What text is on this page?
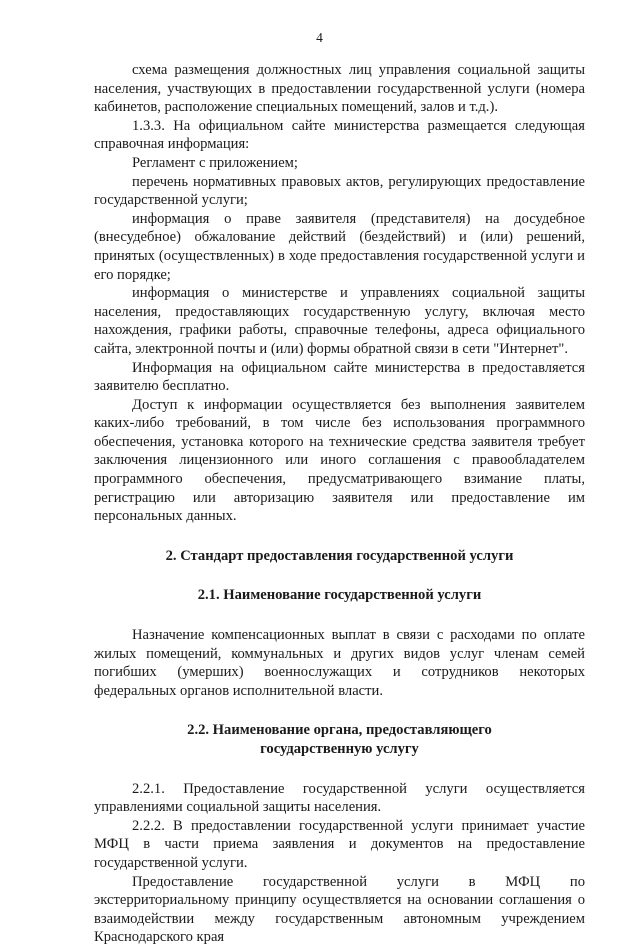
4

схема размещения должностных лиц управления социальной защиты населения, участвующих в предоставлении государственной услуги (номера кабинетов, расположение специальных помещений, залов и т.д.).

1.3.3. На официальном сайте министерства размещается следующая справочная информация:

Регламент с приложением;

перечень нормативных правовых актов, регулирующих предоставление государственной услуги;

информация о праве заявителя (представителя) на досудебное (внесудебное) обжалование действий (бездействий) и (или) решений, принятых (осуществленных) в ходе предоставления государственной услуги и его порядке;

информация о министерстве и управлениях социальной защиты населения, предоставляющих государственную услугу, включая место нахождения, графики работы, справочные телефоны, адреса официального сайта, электронной почты и (или) формы обратной связи в сети "Интернет".

Информация на официальном сайте министерства в предоставляется заявителю бесплатно.

Доступ к информации осуществляется без выполнения заявителем каких-либо требований, в том числе без использования программного обеспечения, установка которого на технические средства заявителя требует заключения лицензионного или иного соглашения с правообладателем программного обеспечения, предусматривающего взимание платы, регистрацию или авторизацию заявителя или предоставление им персональных данных.

2. Стандарт предоставления государственной услуги

2.1. Наименование государственной услуги

Назначение компенсационных выплат в связи с расходами по оплате жилых помещений, коммунальных и других видов услуг членам семей погибших (умерших) военнослужащих и сотрудников некоторых федеральных органов исполнительной власти.

2.2. Наименование органа, предоставляющего
государственную услугу

2.2.1. Предоставление государственной услуги осуществляется управлениями социальной защиты населения.

2.2.2. В предоставлении государственной услуги принимает участие МФЦ в части приема заявления и документов на предоставление государственной услуги.

Предоставление государственной услуги в МФЦ по экстерриториальному принципу осуществляется на основании соглашения о взаимодействии между государственным автономным учреждением Краснодарского края
